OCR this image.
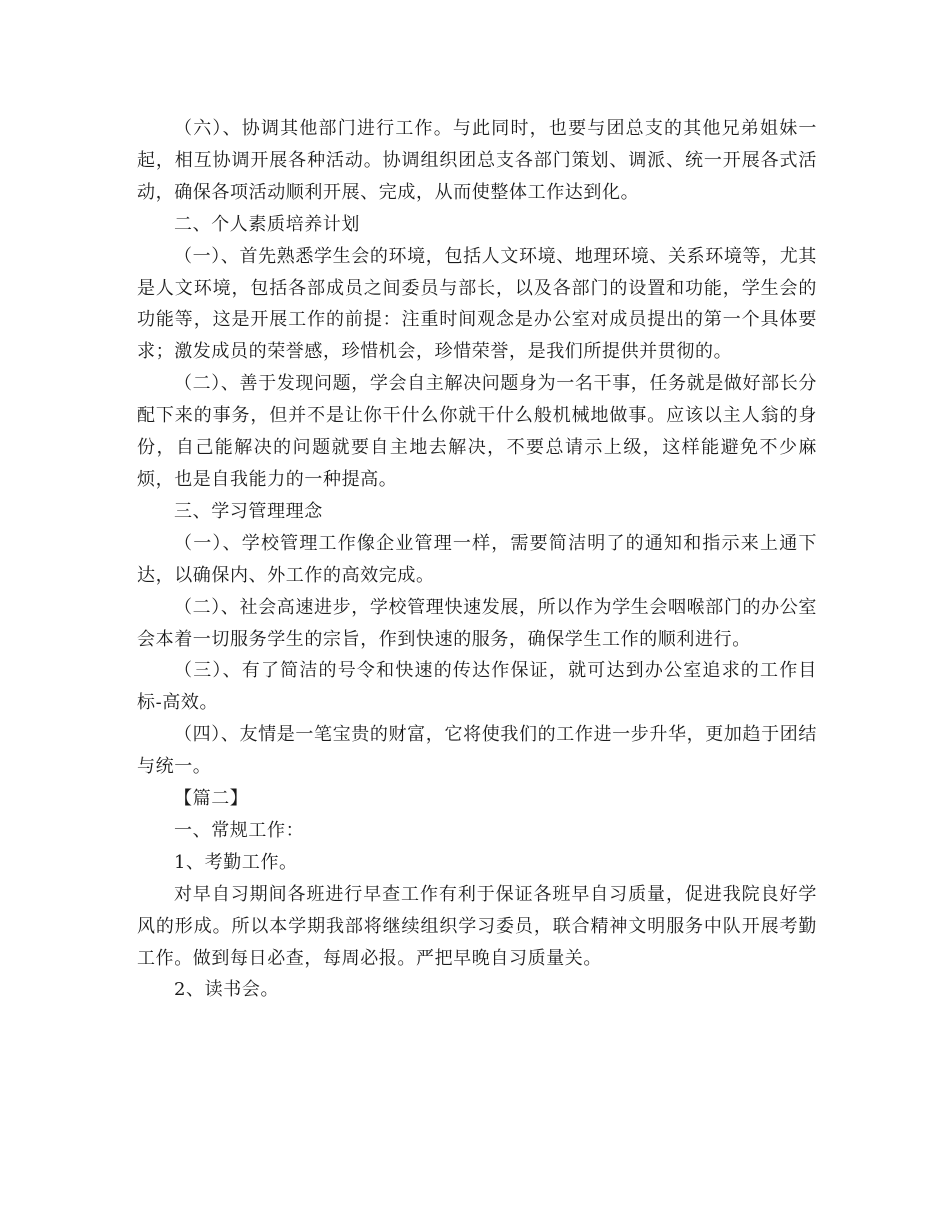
（六）、协调其他部门进行工作。与此同时，也要与团总支的其他兄弟姐妹一起，相互协调开展各种活动。协调组织团总支各部门策划、调派、统一开展各式活动，确保各项活动顺利开展、完成，从而使整体工作达到化。

二、个人素质培养计划

（一）、首先熟悉学生会的环境，包括人文环境、地理环境、关系环境等，尤其是人文环境，包括各部成员之间委员与部长，以及各部门的设置和功能，学生会的功能等，这是开展工作的前提：注重时间观念是办公室对成员提出的第一个具体要求；激发成员的荣誉感，珍惜机会，珍惜荣誉，是我们所提供并贯彻的。

（二）、善于发现问题，学会自主解决问题身为一名干事，任务就是做好部长分配下来的事务，但并不是让你干什么你就干什么般机械地做事。应该以主人翁的身份，自己能解决的问题就要自主地去解决，不要总请示上级，这样能避免不少麻烦，也是自我能力的一种提高。

三、学习管理理念

（一）、学校管理工作像企业管理一样，需要简洁明了的通知和指示来上通下达，以确保内、外工作的高效完成。

（二）、社会高速进步，学校管理快速发展，所以作为学生会咽喉部门的办公室会本着一切服务学生的宗旨，作到快速的服务，确保学生工作的顺利进行。

（三）、有了简洁的号令和快速的传达作保证，就可达到办公室追求的工作目标-高效。

（四）、友情是一笔宝贵的财富，它将使我们的工作进一步升华，更加趋于团结与统一。

【篇二】

一、常规工作：

1、考勤工作。

对早自习期间各班进行早查工作有利于保证各班早自习质量，促进我院良好学风的形成。所以本学期我部将继续组织学习委员，联合精神文明服务中队开展考勤工作。做到每日必查，每周必报。严把早晚自习质量关。

2、读书会。
